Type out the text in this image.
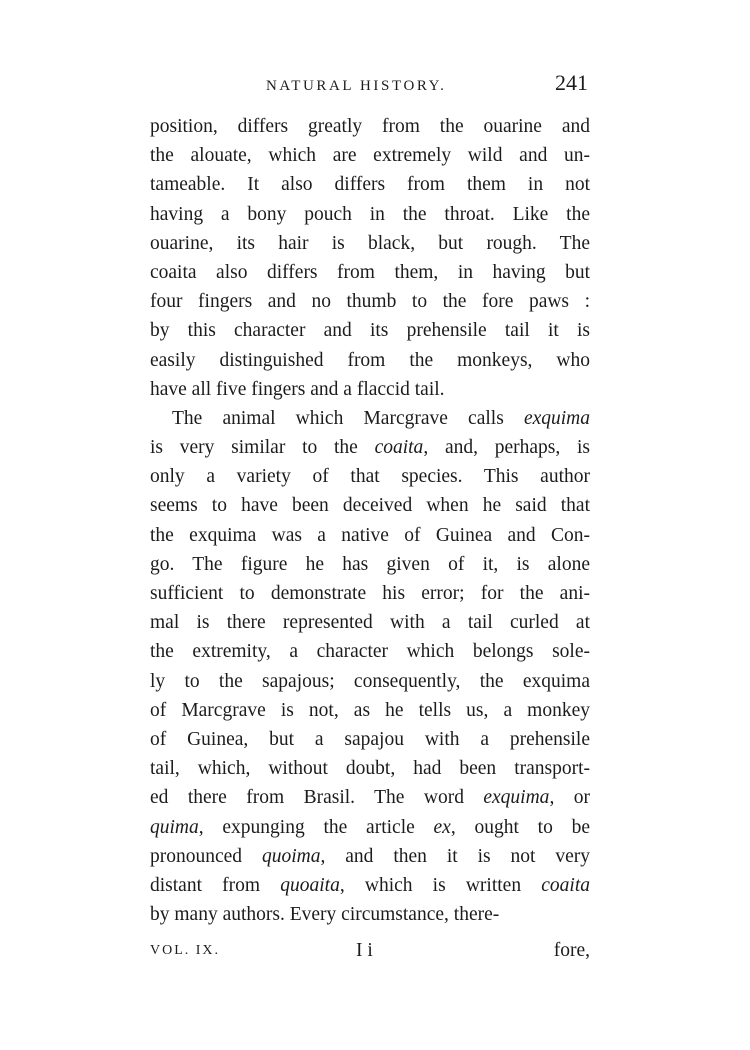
NATURAL HISTORY.	241
position, differs greatly from the ouarine and
the alouate, which are extremely wild and un-
tameable. It also differs from them in not
having a bony pouch in the throat. Like the
ouarine, its hair is black, but rough. The
coaita also differs from them, in having but
four fingers and no thumb to the fore paws :
by this character and its prehensile tail it is
easily distinguished from the monkeys, who
have all five fingers and a flaccid tail.
The animal which Marcgrave calls exquima
is very similar to the coaita, and, perhaps, is
only a variety of that species. This author
seems to have been deceived when he said that
the exquima was a native of Guinea and Con-
go. The figure he has given of it, is alone
sufficient to demonstrate his error; for the ani-
mal is there represented with a tail curled at
the extremity, a character which belongs sole-
ly to the sapajous; consequently, the exquima
of Marcgrave is not, as he tells us, a monkey
of Guinea, but a sapajou with a prehensile
tail, which, without doubt, had been transport-
ed there from Brasil. The word exquima, or
quima, expunging the article ex, ought to be
pronounced quoima, and then it is not very
distant from quoaita, which is written coaita
by many authors. Every circumstance, there-
VOL. IX.	I i	fore,
